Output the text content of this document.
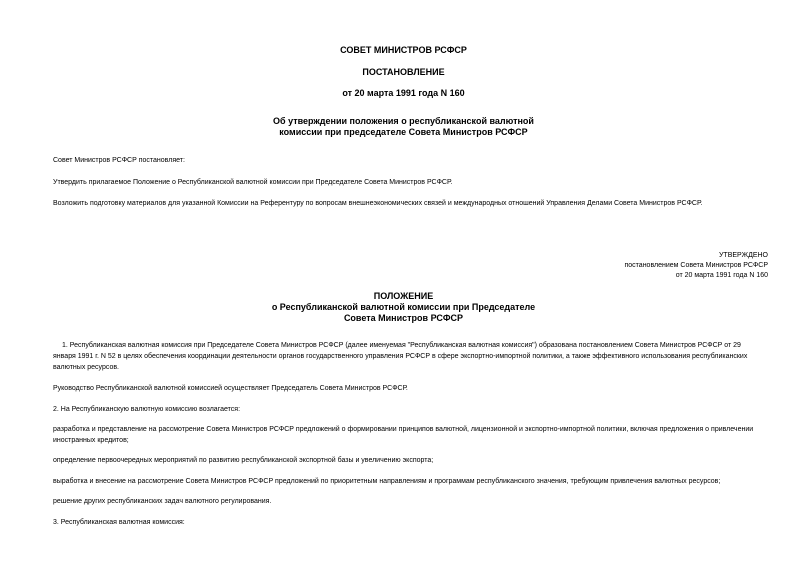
СОВЕТ МИНИСТРОВ РСФСР
ПОСТАНОВЛЕНИЕ
от 20 марта 1991 года N 160
Об утверждении положения о республиканской валютной
комиссии при председателе Совета Министров РСФСР
Совет Министров РСФСР постановляет:
Утвердить прилагаемое Положение о Республиканской валютной комиссии при Председателе Совета Министров РСФСР.
Возложить подготовку материалов для указанной Комиссии на Референтуру по вопросам внешнеэкономических связей и международных отношений Управления Делами Совета Министров РСФСР.
УТВЕРЖДЕНО
постановлением Совета Министров РСФСР
от 20 марта 1991 года N 160
ПОЛОЖЕНИЕ
о Республиканской валютной комиссии при Председателе
Совета Министров РСФСР
1. Республиканская валютная комиссия при Председателе Совета Министров РСФСР (далее именуемая "Республиканская валютная комиссия") образована постановлением Совета Министров РСФСР от 29
января 1991 г. N 52 в целях обеспечения координации деятельности органов государственного управления РСФСР в сфере экспортно-импортной политики, а также эффективного использования республиканских
валютных ресурсов.
Руководство Республиканской валютной комиссией осуществляет Председатель Совета Министров РСФСР.
2. На Республиканскую валютную комиссию возлагается:
разработка и представление на рассмотрение Совета Министров РСФСР предложений о формировании принципов валютной, лицензионной и экспортно-импортной политики, включая предложения о привлечении
иностранных кредитов;
определение первоочередных мероприятий по развитию республиканской экспортной базы и увеличению экспорта;
выработка и внесение на рассмотрение Совета Министров РСФСР предложений по приоритетным направлениям и программам республиканского значения, требующим привлечения валютных ресурсов;
решение других республиканских задач валютного регулирования.
3. Республиканская валютная комиссия:
